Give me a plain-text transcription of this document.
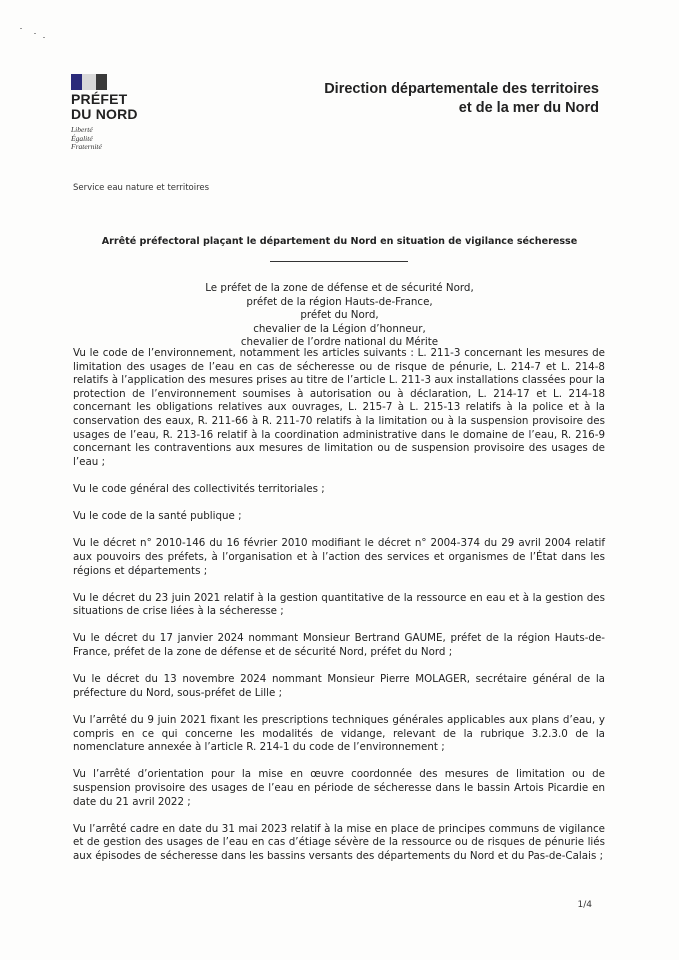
PRÉFET
DU NORD
Liberté
Égalité
Fraternité
Direction départementale des territoires
et de la mer du Nord
Service eau nature et territoires
Arrêté préfectoral plaçant le département du Nord en situation de vigilance sécheresse
Le préfet de la zone de défense et de sécurité Nord,
préfet de la région Hauts-de-France,
préfet du Nord,
chevalier de la Légion d’honneur,
chevalier de l’ordre national du Mérite

Vu le code de l’environnement, notamment les articles suivants : L. 211-3 concernant les mesures de limitation des usages de l’eau en cas de sécheresse ou de risque de pénurie, L. 214-7 et L. 214-8 relatifs à l’application des mesures prises au titre de l’article L. 211-3 aux installations classées pour la protection de l’environnement soumises à autorisation ou à déclaration, L. 214-17 et L. 214-18 concernant les obligations relatives aux ouvrages, L. 215-7 à L. 215-13 relatifs à la police et à la conservation des eaux, R. 211-66 à R. 211-70 relatifs à la limitation ou à la suspension provisoire des usages de l’eau, R. 213-16 relatif à la coordination administrative dans le domaine de l’eau, R. 216-9 concernant les contraventions aux mesures de limitation ou de suspension provisoire des usages de l’eau ;

Vu le code général des collectivités territoriales ;

Vu le code de la santé publique ;

Vu le décret n° 2010-146 du 16 février 2010 modifiant le décret n° 2004-374 du 29 avril 2004 relatif aux pouvoirs des préfets, à l’organisation et à l’action des services et organismes de l’État dans les régions et départements ;

Vu le décret du 23 juin 2021 relatif à la gestion quantitative de la ressource en eau et à la gestion des situations de crise liées à la sécheresse ;

Vu le décret du 17 janvier 2024 nommant Monsieur Bertrand GAUME, préfet de la région Hauts-de-France, préfet de la zone de défense et de sécurité Nord, préfet du Nord ;

Vu le décret du 13 novembre 2024 nommant Monsieur Pierre MOLAGER, secrétaire général de la préfecture du Nord, sous-préfet de Lille ;

Vu l’arrêté du 9 juin 2021 fixant les prescriptions techniques générales applicables aux plans d’eau, y compris en ce qui concerne les modalités de vidange, relevant de la rubrique 3.2.3.0 de la nomenclature annexée à l’article R. 214-1 du code de l’environnement ;

Vu l’arrêté d’orientation pour la mise en œuvre coordonnée des mesures de limitation ou de suspension provisoire des usages de l’eau en période de sécheresse dans le bassin Artois Picardie en date du 21 avril 2022 ;

Vu l’arrêté cadre en date du 31 mai 2023 relatif à la mise en place de principes communs de vigilance et de gestion des usages de l’eau en cas d’étiage sévère de la ressource ou de risques de pénurie liés aux épisodes de sécheresse dans les bassins versants des départements du Nord et du Pas-de-Calais ;

1/4
